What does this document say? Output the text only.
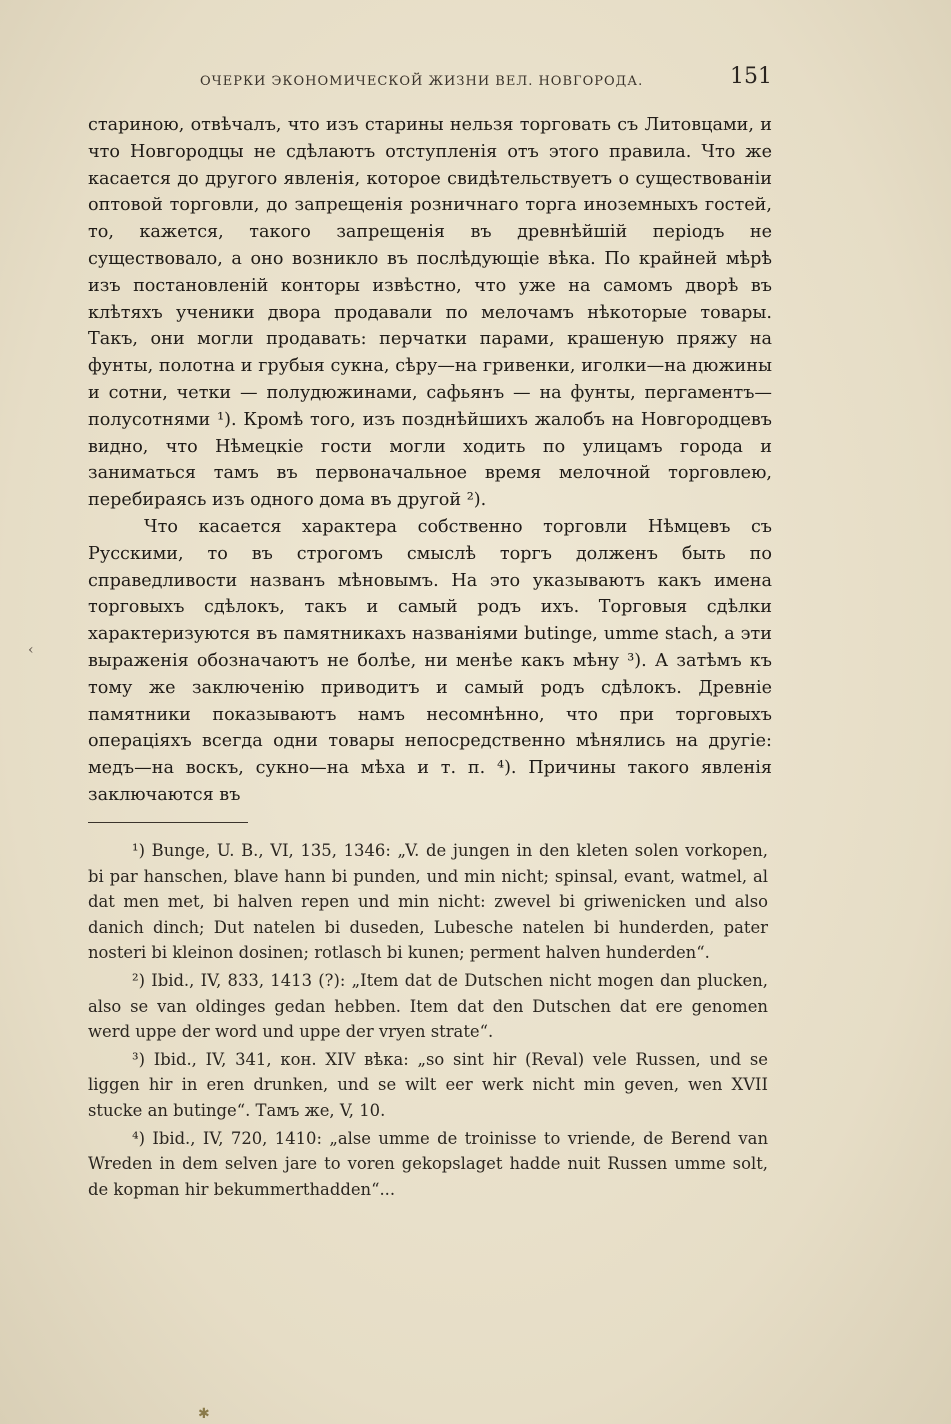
ОЧЕРКИ ЭКОНОМИЧЕСКОЙ ЖИЗНИ ВЕЛ. НОВГОРОДА.	151
‹

стариною, отвѣчалъ, что изъ старины нельзя торговать съ Литовцами, и что Новгородцы не сдѣлаютъ отступленія отъ этого правила. Что же касается до другого явленія, которое свидѣтельствуетъ о существованіи оптовой торговли, до запрещенія розничнаго торга иноземныхъ гостей, то, кажется, такого запрещенія въ древнѣйшій періодъ не существовало, а оно возникло въ послѣдующіе вѣка. По крайней мѣрѣ изъ постановленій конторы извѣстно, что уже на самомъ дворѣ въ клѣтяхъ ученики двора продавали по мелочамъ нѣкоторые товары. Такъ, они могли продавать: перчатки парами, крашеную пряжу на фунты, полотна и грубыя сукна, сѣру—на гривенки, иголки—на дюжины и сотни, четки — полудюжинами, сафьянъ — на фунты, пергаментъ—полусотнями ¹). Кромѣ того, изъ позднѣйшихъ жалобъ на Новгородцевъ видно, что Нѣмецкіе гости могли ходить по улицамъ города и заниматься тамъ въ первоначальное время мелочной торговлею, перебираясь изъ одного дома въ другой ²).

Что касается характера собственно торговли Нѣмцевъ съ Русскими, то въ строгомъ смыслѣ торгъ долженъ быть по справедливости названъ мѣновымъ. На это указываютъ какъ имена торговыхъ сдѣлокъ, такъ и самый родъ ихъ. Торговыя сдѣлки характеризуются въ памятникахъ названіями butinge, umme stach, а эти выраженія обозначаютъ не болѣе, ни менѣе какъ мѣну ³). А затѣмъ къ тому же заключенію приводитъ и самый родъ сдѣлокъ. Древніе памятники показываютъ намъ несомнѣнно, что при торговыхъ операціяхъ всегда одни товары непосредственно мѣнялись на другіе: медъ—на воскъ, сукно—на мѣха и т. п. ⁴). Причины такого явленія заключаются въ

¹) Bunge, U. B., VI, 135, 1346: „V. de jungen in den kleten solen vorkopen, bi par hanschen, blave hann bi punden, und min nicht; spinsal, evant, watmel, al dat men met, bi halven repen und min nicht: zwevel bi griwenicken und also danich dinch; Dut natelen bi duseden, Lubesche natelen bi hunderden, pater nosteri bi kleinon dosinen; rotlasch bi kunen; perment halven hunderden“.

²) Ibid., IV, 833, 1413 (?): „Item dat de Dutschen nicht mogen dan plucken, also se van oldinges gedan hebben. Item dat den Dutschen dat ere genomen werd uppe der word und uppe der vryen strate“.

³) Ibid., IV, 341, кон. XIV вѣка: „so sint hir (Reval) vele Russen, und se liggen hir in eren drunken, und se wilt eer werk nicht min geven, wen XVII stucke an butinge“. Тамъ же, V, 10.

⁴) Ibid., IV, 720, 1410: „alse umme de troinisse to vriende, de Berend van Wreden in dem selven jare to voren gekopslaget hadde nuit Russen umme solt, de kopman hir bekummerthadden“...

✱
